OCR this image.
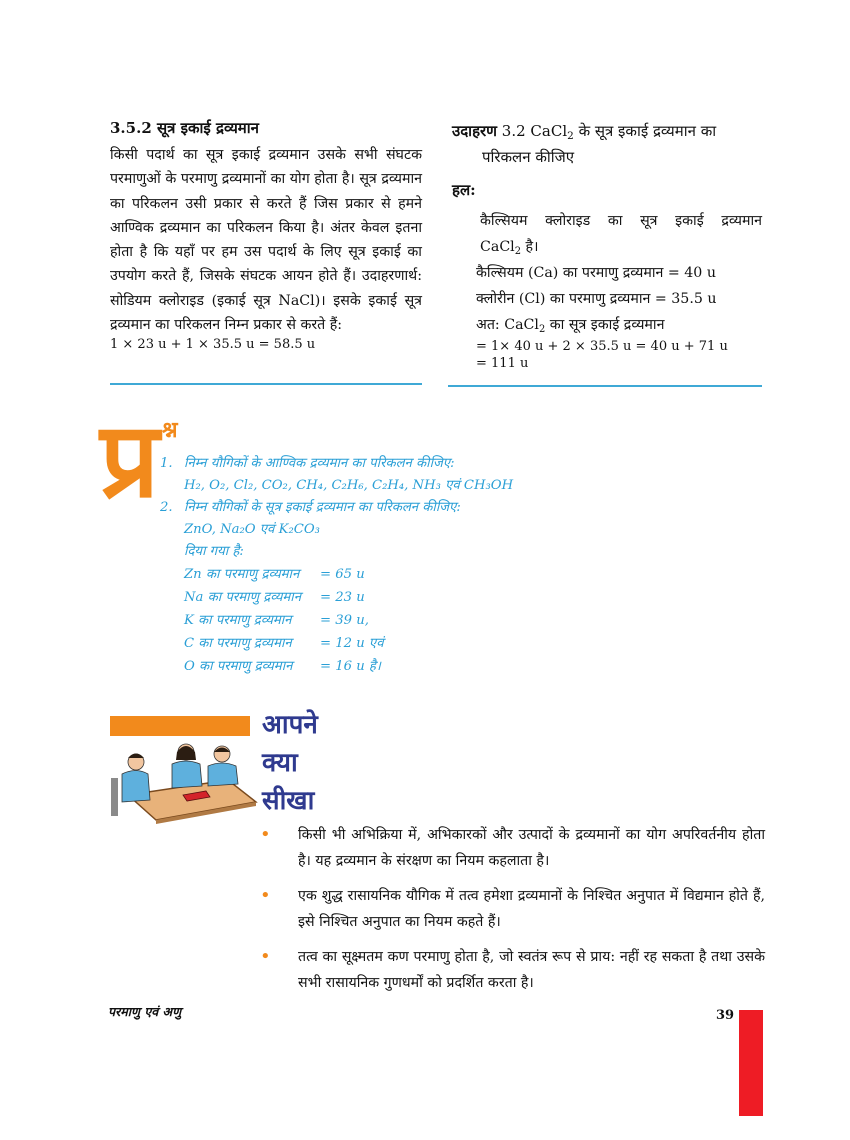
3.5.2 सूत्र इकाई द्रव्यमान

किसी पदार्थ का सूत्र इकाई द्रव्यमान उसके सभी संघटक परमाणुओं के परमाणु द्रव्यमानों का योग होता है। सूत्र द्रव्यमान का परिकलन उसी प्रकार से करते हैं जिस प्रकार से हमने आण्विक द्रव्यमान का परिकलन किया है। अंतर केवल इतना होता है कि यहाँ पर हम उस पदार्थ के लिए सूत्र इकाई का उपयोग करते हैं, जिसके संघटक आयन होते हैं। उदाहरणार्थ: सोडियम क्लोराइड (इकाई सूत्र NaCl)। इसके इकाई सूत्र द्रव्यमान का परिकलन निम्न प्रकार से करते हैं:

1 × 23 u + 1 × 35.5 u = 58.5 u
उदाहरण 3.2 CaCl$_2$ के सूत्र इकाई द्रव्यमान का
परिकलन कीजिए
हल:
कैल्सियम क्लोराइड का सूत्र इकाई द्रव्यमान
CaCl$_2$ है।
कैल्सियम (Ca) का परमाणु द्रव्यमान = 40 u
क्लोरीन (Cl) का परमाणु द्रव्यमान = 35.5 u
अत: CaCl$_2$ का सूत्र इकाई द्रव्यमान
= 1× 40 u + 2 × 35.5 u = 40 u + 71 u
= 111 u
प्र श्न
1. निम्न यौगिकों के आण्विक द्रव्यमान का परिकलन कीजिए:
H₂, O₂, Cl₂, CO₂, CH₄, C₂H₆, C₂H₄, NH₃ एवं CH₃OH
2. निम्न यौगिकों के सूत्र इकाई द्रव्यमान का परिकलन कीजिए:
ZnO, Na₂O एवं K₂CO₃
दिया गया है:
Zn का परमाणु द्रव्यमान	= 65 u
Na का परमाणु द्रव्यमान	= 23 u
K का परमाणु द्रव्यमान	= 39 u,
C का परमाणु द्रव्यमान	= 12 u एवं
O का परमाणु द्रव्यमान	= 16 u है।
आपने
क्या
सीखा
•	किसी भी अभिक्रिया में, अभिकारकों और उत्पादों के द्रव्यमानों का योग अपरिवर्तनीय होता है। यह द्रव्यमान के संरक्षण का नियम कहलाता है।
•	एक शुद्ध रासायनिक यौगिक में तत्व हमेशा द्रव्यमानों के निश्चित अनुपात में विद्यमान होते हैं, इसे निश्चित अनुपात का नियम कहते हैं।
•	तत्व का सूक्ष्मतम कण परमाणु होता है, जो स्वतंत्र रूप से प्राय: नहीं रह सकता है तथा उसके सभी रासायनिक गुणधर्मों को प्रदर्शित करता है।
परमाणु एवं अणु	39
